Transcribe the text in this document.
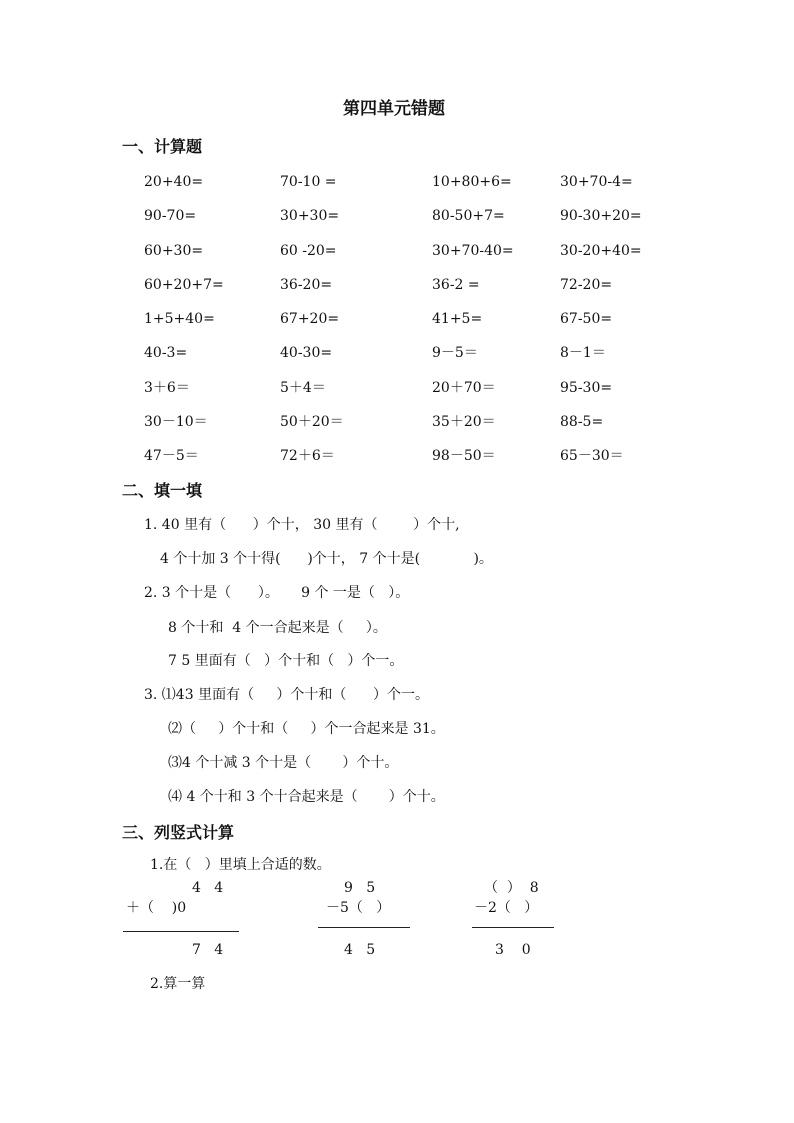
第四单元错题
一、计算题
20+40=	70-10 =	10+80+6=	30+70-4=
90-70=	30+30=	80-50+7=	90-30+20=
60+30=	60 -20=	30+70-40=	30-20+40=
60+20+7=	36-20=	36-2 =	72-20=
1+5+40=	67+20=	41+5=	67-50=
40-3=	40-30=	9－5＝	8－1＝
3＋6＝	5＋4＝	20＋70＝	95-30=
30－10＝	50＋20＝	35＋20＝	88-5=
47－5＝	72＋6＝	98－50＝	65－30＝
二、填一填
1. 40 里有（      ）个十， 30 里有（        ）个十,
4 个十加 3 个十得(      )个十， 7 个十是(            )。
2. 3 个十是（      ）。     9 个 一是（   ）。
8 个十和  4 个一合起来是（     ）。
7 5 里面有（   ）个十和（   ）个一。
3. ⑴43 里面有（     ）个十和（      ）个一。
⑵（     ）个十和（     ）个一合起来是 31。
⑶4 个十减 3 个十是（       ）个十。
⑷ 4 个十和 3 个十合起来是（       ）个十。
三、列竖式计算
1.在（   ）里填上合适的数。
4   4
＋（    )0
7   4
9   5
－5（   ）
4   5
（  ）  8
－2（   ）
3    0
2.算一算
